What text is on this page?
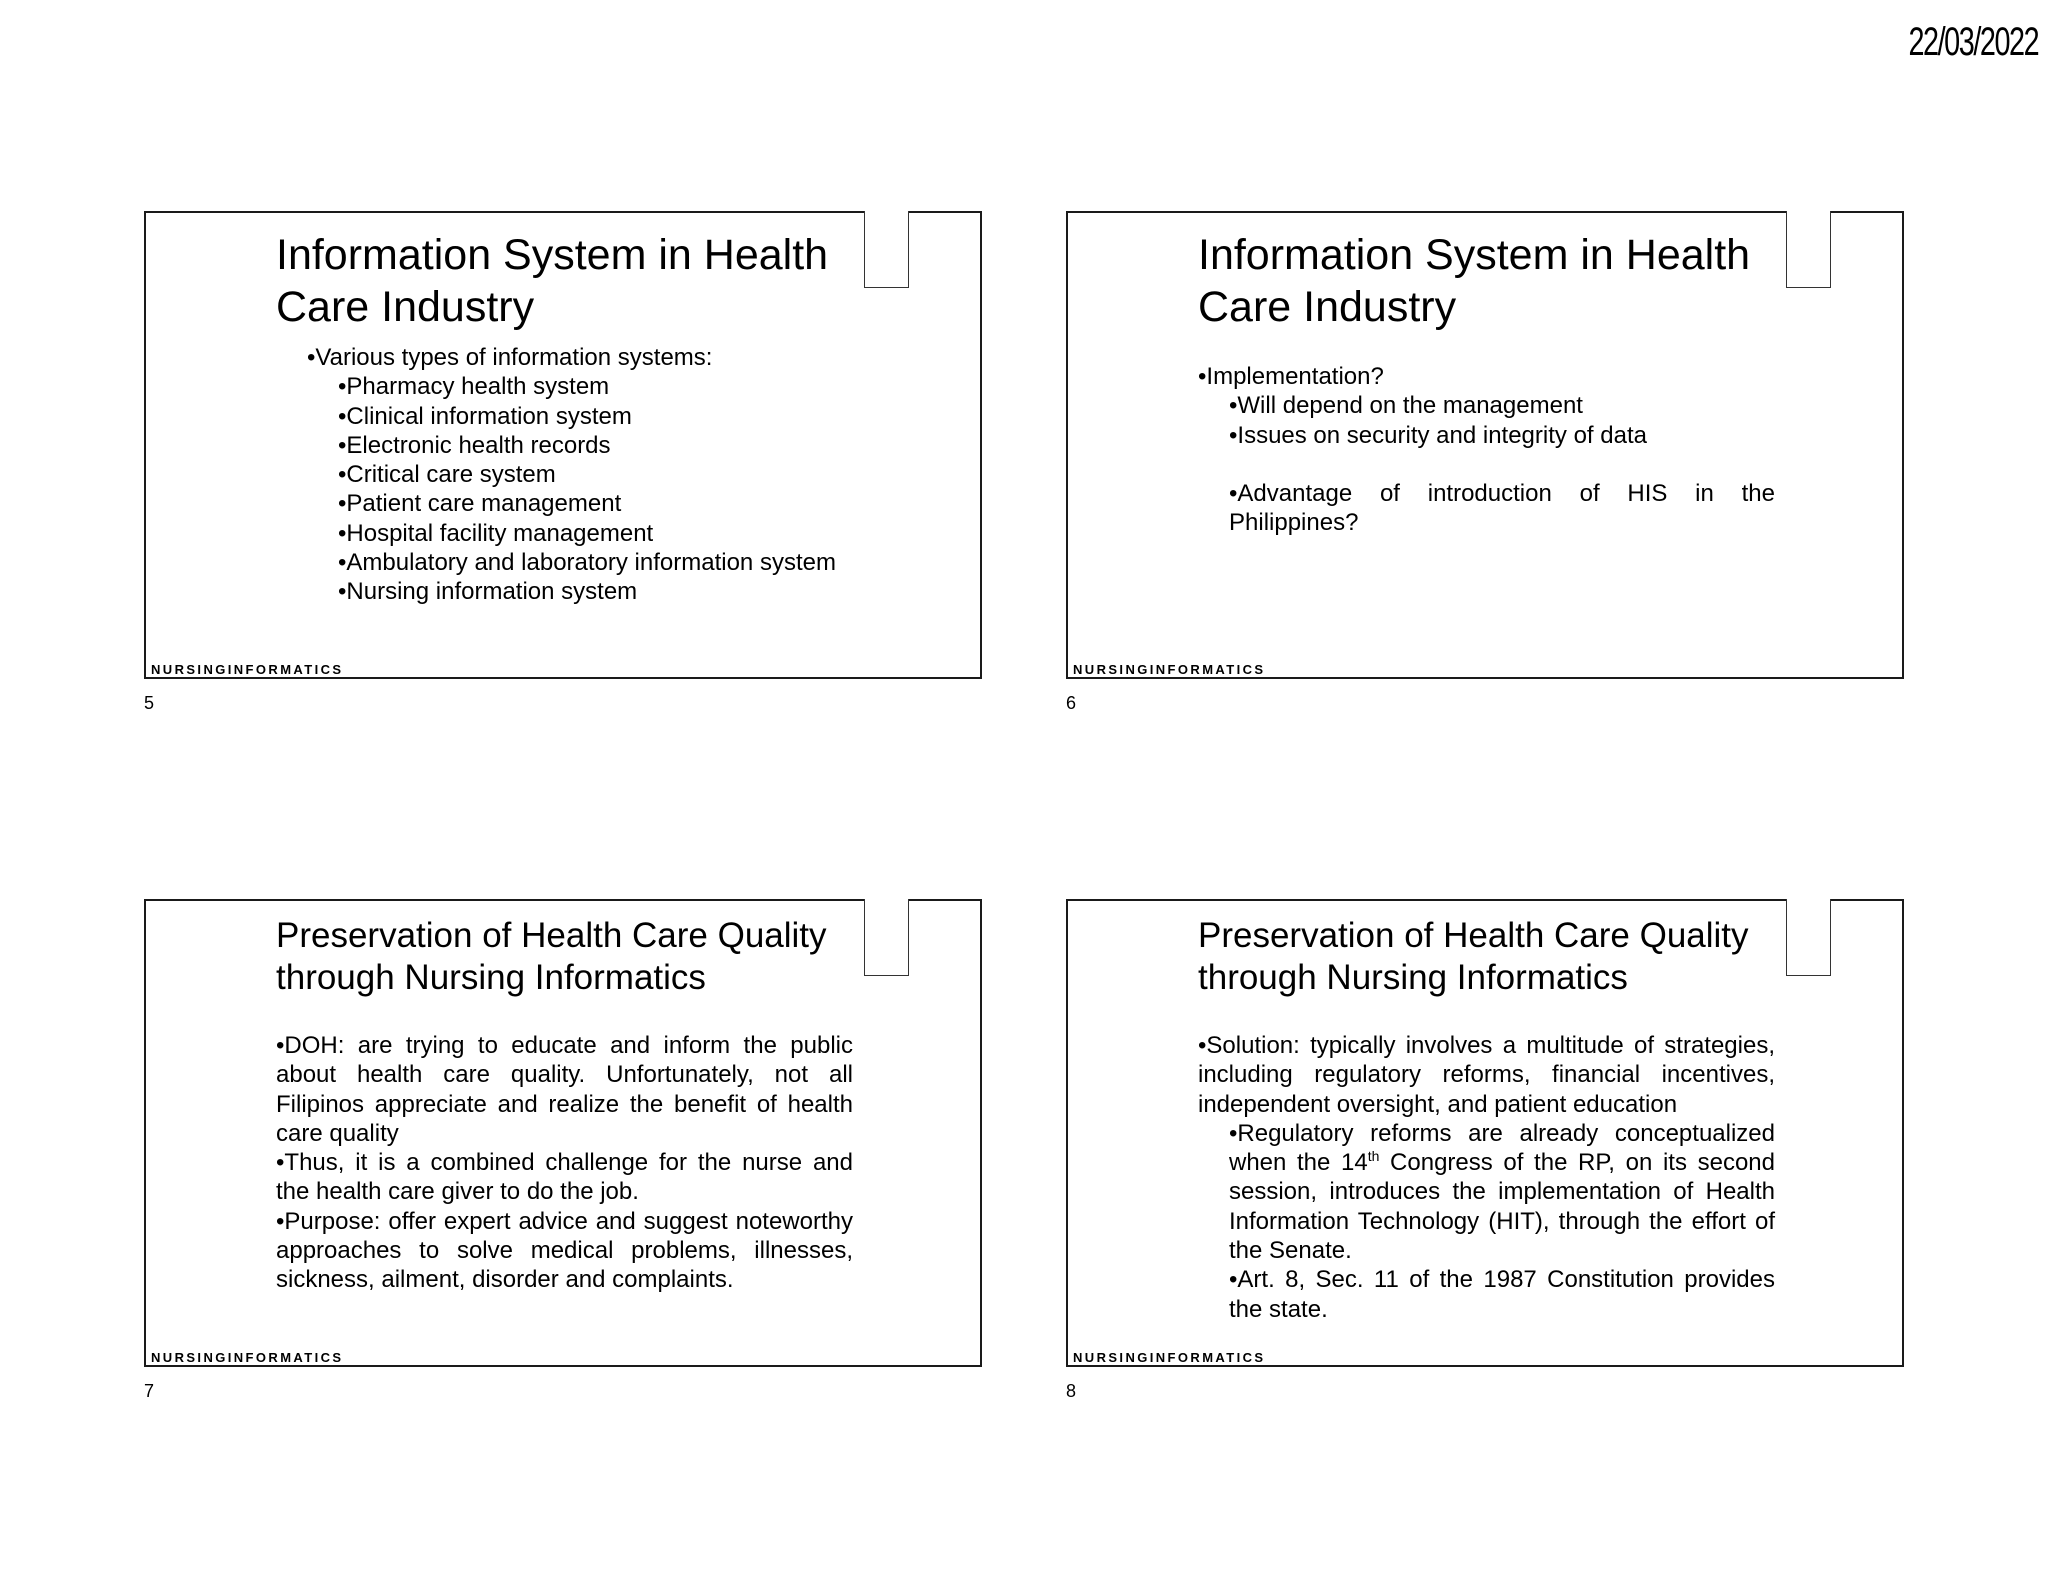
22/03/2022
Information System in Health Care Industry

•Various types of information systems:

•Pharmacy health system

•Clinical information system

•Electronic health records

•Critical care system

•Patient care management

•Hospital facility management

•Ambulatory and laboratory information system

•Nursing information system

NURSINGINFORMATICS
5
Information System in Health Care Industry

•Implementation?

•Will depend on the management

•Issues on security and integrity of data

•Advantage of introduction of HIS in the Philippines?

NURSINGINFORMATICS
6
Preservation of Health Care Quality through Nursing Informatics

•DOH: are trying to educate and inform the public about health care quality. Unfortunately, not all Filipinos appreciate and realize the benefit of health care quality

•Thus, it is a combined challenge for the nurse and the health care giver to do the job.

•Purpose: offer expert advice and suggest noteworthy approaches to solve medical problems, illnesses, sickness, ailment, disorder and complaints.

NURSINGINFORMATICS
7
Preservation of Health Care Quality through Nursing Informatics

•Solution: typically involves a multitude of strategies, including regulatory reforms, financial incentives, independent oversight, and patient education

•Regulatory reforms are already conceptualized when the 14th Congress of the RP, on its second session, introduces the implementation of Health Information Technology (HIT), through the effort of the Senate.

•Art. 8, Sec. 11 of the 1987 Constitution provides the state.

NURSINGINFORMATICS
8
